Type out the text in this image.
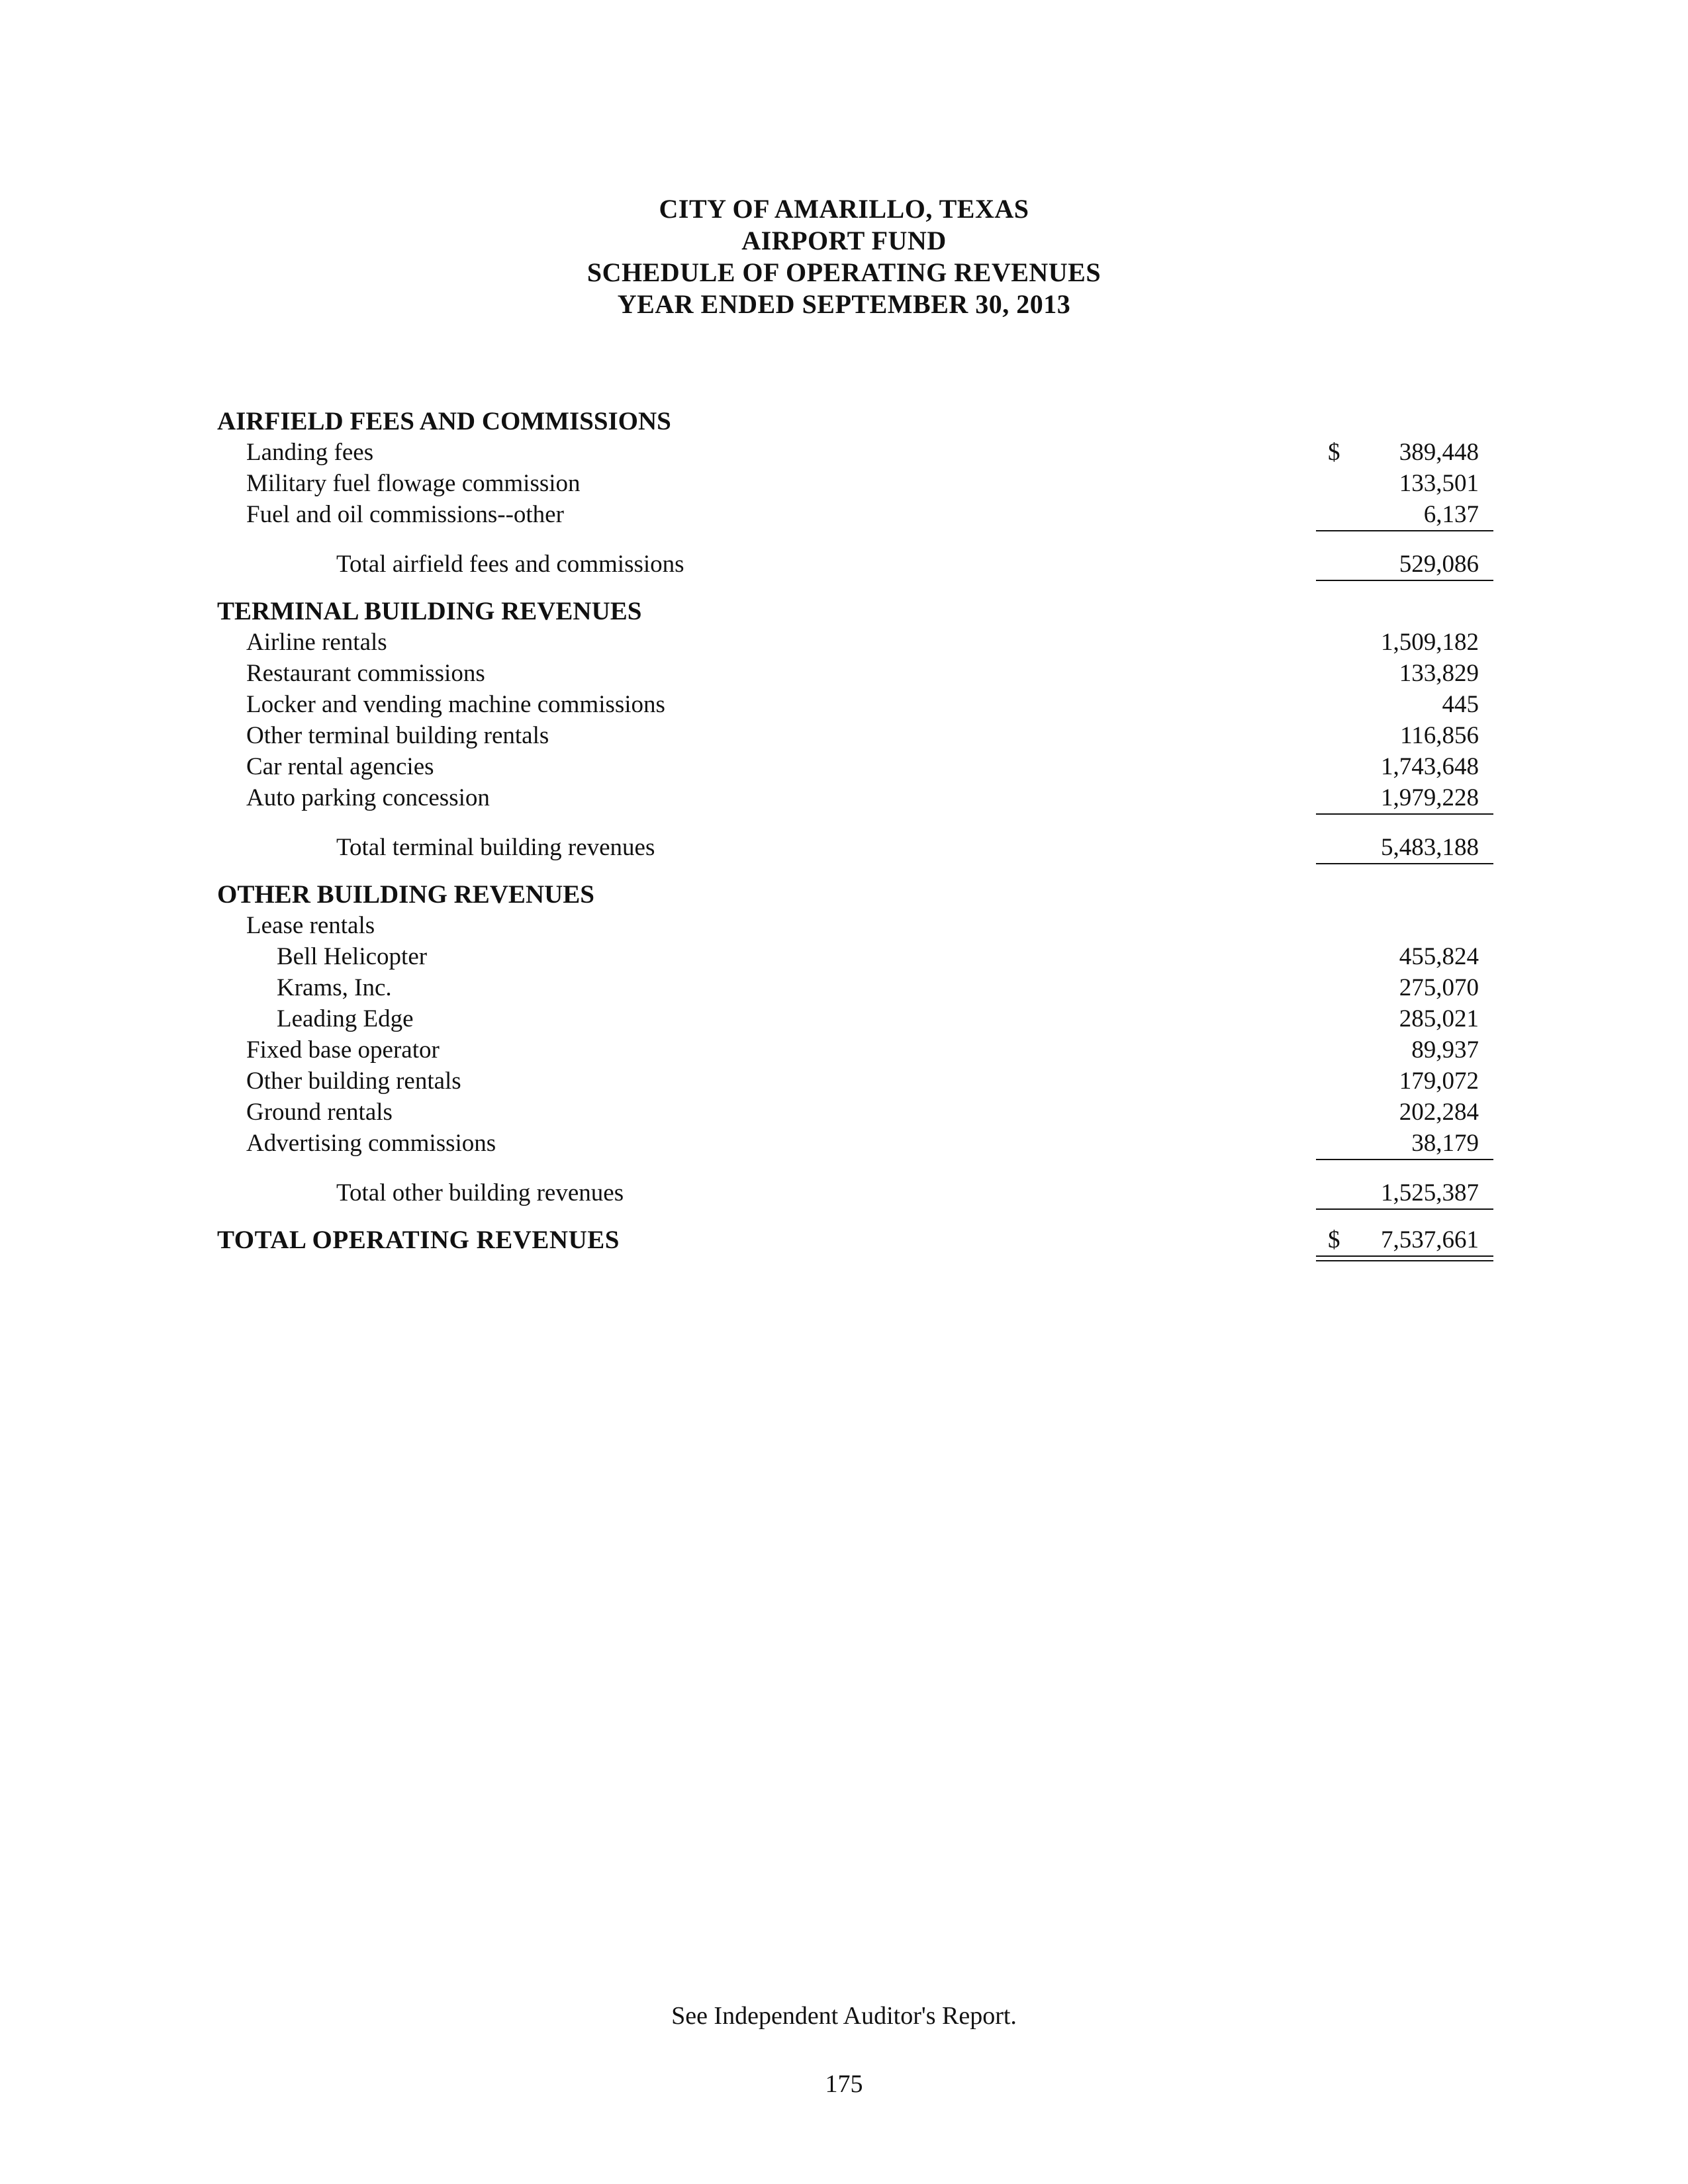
CITY OF AMARILLO, TEXAS
AIRPORT FUND
SCHEDULE OF OPERATING REVENUES
YEAR ENDED SEPTEMBER 30, 2013
AIRFIELD FEES AND COMMISSIONS
Landing fees	$ 389,448
Military fuel flowage commission	133,501
Fuel and oil commissions--other	6,137
Total airfield fees and commissions	529,086
TERMINAL BUILDING REVENUES
Airline rentals	1,509,182
Restaurant commissions	133,829
Locker and vending machine commissions	445
Other terminal building rentals	116,856
Car rental agencies	1,743,648
Auto parking concession	1,979,228
Total terminal building revenues	5,483,188
OTHER BUILDING REVENUES
Lease rentals
Bell Helicopter	455,824
Krams, Inc.	275,070
Leading Edge	285,021
Fixed base operator	89,937
Other building rentals	179,072
Ground rentals	202,284
Advertising commissions	38,179
Total other building revenues	1,525,387
TOTAL OPERATING REVENUES	$ 7,537,661
See Independent Auditor's Report.
175
